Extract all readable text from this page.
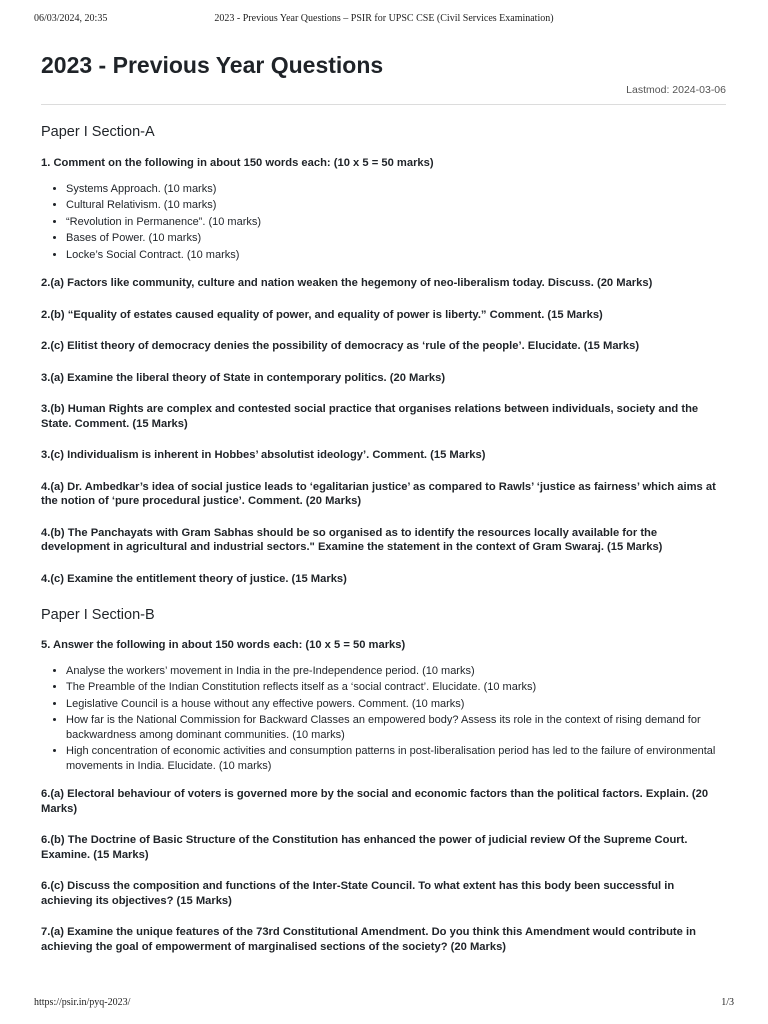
06/03/2024, 20:35	2023 - Previous Year Questions – PSIR for UPSC CSE (Civil Services Examination)
2023 - Previous Year Questions
Lastmod: 2024-03-06
Paper I Section-A

1. Comment on the following in about 150 words each: (10 x 5 = 50 marks)

• Systems Approach. (10 marks)
• Cultural Relativism. (10 marks)
• “Revolution in Permanence”. (10 marks)
• Bases of Power. (10 marks)
• Locke’s Social Contract. (10 marks)

2.(a) Factors like community, culture and nation weaken the hegemony of neo-liberalism today. Discuss. (20 Marks)

2.(b) “Equality of estates caused equality of power, and equality of power is liberty.” Comment. (15 Marks)

2.(c) Elitist theory of democracy denies the possibility of democracy as ‘rule of the people’. Elucidate. (15 Marks)

3.(a) Examine the liberal theory of State in contemporary politics. (20 Marks)

3.(b) Human Rights are complex and contested social practice that organises relations between individuals, society and the State. Comment. (15 Marks)

3.(c) Individualism is inherent in Hobbes’ absolutist ideology’. Comment. (15 Marks)

4.(a) Dr. Ambedkar’s idea of social justice leads to ‘egalitarian justice’ as compared to Rawls’ ‘justice as fairness’ which aims at the notion of ‘pure procedural justice’. Comment. (20 Marks)

4.(b) The Panchayats with Gram Sabhas should be so organised as to identify the resources locally available for the development in agricultural and industrial sectors." Examine the statement in the context of Gram Swaraj. (15 Marks)

4.(c) Examine the entitlement theory of justice. (15 Marks)

Paper I Section-B

5. Answer the following in about 150 words each: (10 x 5 = 50 marks)

• Analyse the workers’ movement in India in the pre-Independence period. (10 marks)
• The Preamble of the Indian Constitution reflects itself as a ‘social contract’. Elucidate. (10 marks)
• Legislative Council is a house without any effective powers. Comment. (10 marks)
• How far is the National Commission for Backward Classes an empowered body? Assess its role in the context of rising demand for backwardness among dominant communities. (10 marks)
• High concentration of economic activities and consumption patterns in post-liberalisation period has led to the failure of environmental movements in India. Elucidate. (10 marks)

6.(a) Electoral behaviour of voters is governed more by the social and economic factors than the political factors. Explain. (20 Marks)

6.(b) The Doctrine of Basic Structure of the Constitution has enhanced the power of judicial review Of the Supreme Court. Examine. (15 Marks)

6.(c) Discuss the composition and functions of the Inter-State Council. To what extent has this body been successful in achieving its objectives? (15 Marks)

7.(a) Examine the unique features of the 73rd Constitutional Amendment. Do you think this Amendment would contribute in achieving the goal of empowerment of marginalised sections of the society? (20 Marks)

https://psir.in/pyq-2023/	1/3
